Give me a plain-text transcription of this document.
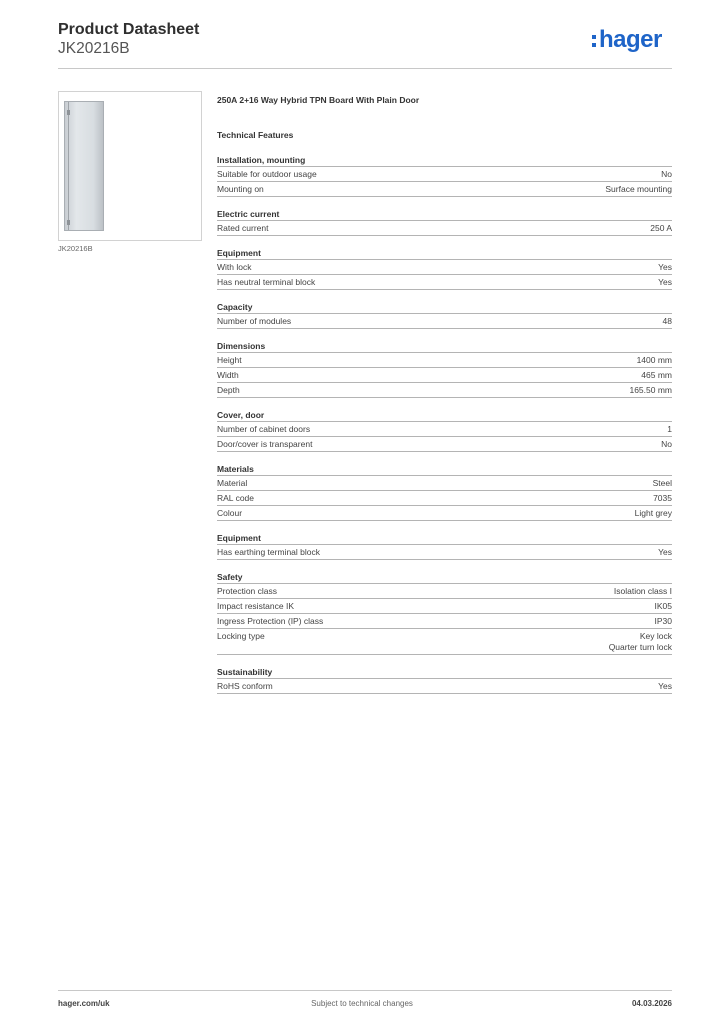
Product Datasheet
JK20216B	hager
JK20216B
250A 2+16 Way Hybrid TPN Board With Plain Door
Technical Features
Installation, mounting
Suitable for outdoor usage	No
Mounting on	Surface mounting
Electric current
Rated current	250 A
Equipment
With lock	Yes
Has neutral terminal block	Yes
Capacity
Number of modules	48
Dimensions
Height	1400 mm
Width	465 mm
Depth	165.50 mm
Cover, door
Number of cabinet doors	1
Door/cover is transparent	No
Materials
Material	Steel
RAL code	7035
Colour	Light grey
Equipment
Has earthing terminal block	Yes
Safety
Protection class	Isolation class I
Impact resistance IK	IK05
Ingress Protection (IP) class	IP30
Locking type	Key lock
Quarter turn lock
Sustainability
RoHS conform	Yes
hager.com/uk	Subject to technical changes	04.03.2026
